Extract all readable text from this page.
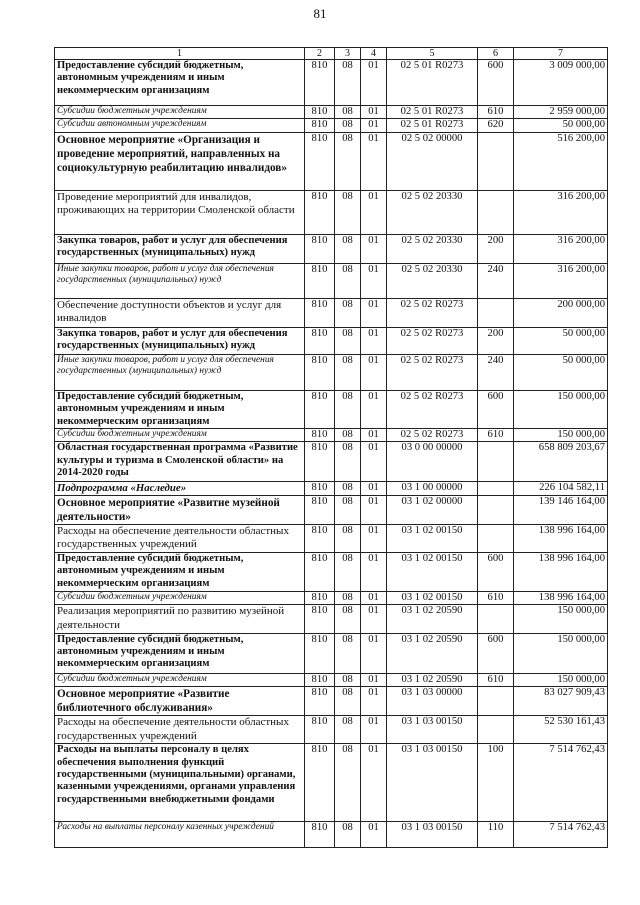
81
1	2	3	4	5	6	7
Предоставление субсидий бюджетным, автономным учреждениям и иным некоммерческим организациям	810	08	01	02 5 01 R0273	600	3 009 000,00
Субсидии бюджетным учреждениям	810	08	01	02 5 01 R0273	610	2 959 000,00
Субсидии автономным учреждениям	810	08	01	02 5 01 R0273	620	50 000,00
Основное мероприятие «Организация и проведение мероприятий, направленных на социокультурную реабилитацию инвалидов»	810	08	01	02 5 02 00000		516 200,00
Проведение мероприятий для инвалидов, проживающих на территории Смоленской области	810	08	01	02 5 02 20330		316 200,00
Закупка товаров, работ и услуг для обеспечения государственных (муниципальных) нужд	810	08	01	02 5 02 20330	200	316 200,00
Иные закупки товаров, работ и услуг для обеспечения государственных (муниципальных) нужд	810	08	01	02 5 02 20330	240	316 200,00
Обеспечение доступности объектов и услуг для инвалидов	810	08	01	02 5 02 R0273		200 000,00
Закупка товаров, работ и услуг для обеспечения государственных (муниципальных) нужд	810	08	01	02 5 02 R0273	200	50 000,00
Иные закупки товаров, работ и услуг для обеспечения государственных (муниципальных) нужд	810	08	01	02 5 02 R0273	240	50 000,00
Предоставление субсидий бюджетным, автономным учреждениям и иным некоммерческим организациям	810	08	01	02 5 02 R0273	600	150 000,00
Субсидии бюджетным учреждениям	810	08	01	02 5 02 R0273	610	150 000,00
Областная государственная программа «Развитие культуры и туризма в Смоленской области» на 2014-2020 годы	810	08	01	03 0 00 00000		658 809 203,67
Подпрограмма «Наследие»	810	08	01	03 1 00 00000		226 104 582,11
Основное мероприятие «Развитие музейной деятельности»	810	08	01	03 1 02 00000		139 146 164,00
Расходы на обеспечение деятельности областных государственных учреждений	810	08	01	03 1 02 00150		138 996 164,00
Предоставление субсидий бюджетным, автономным учреждениям и иным некоммерческим организациям	810	08	01	03 1 02 00150	600	138 996 164,00
Субсидии бюджетным учреждениям	810	08	01	03 1 02 00150	610	138 996 164,00
Реализация мероприятий по развитию музейной деятельности	810	08	01	03 1 02 20590		150 000,00
Предоставление субсидий бюджетным, автономным учреждениям и иным некоммерческим организациям	810	08	01	03 1 02 20590	600	150 000,00
Субсидии бюджетным учреждениям	810	08	01	03 1 02 20590	610	150 000,00
Основное мероприятие «Развитие библиотечного обслуживания»	810	08	01	03 1 03 00000		83 027 909,43
Расходы на обеспечение деятельности областных государственных учреждений	810	08	01	03 1 03 00150		52 530 161,43
Расходы на выплаты персоналу в целях обеспечения выполнения функций государственными (муниципальными) органами, казенными учреждениями, органами управления государственными внебюджетными фондами	810	08	01	03 1 03 00150	100	7 514 762,43
Расходы на выплаты персоналу казенных учреждений	810	08	01	03 1 03 00150	110	7 514 762,43
